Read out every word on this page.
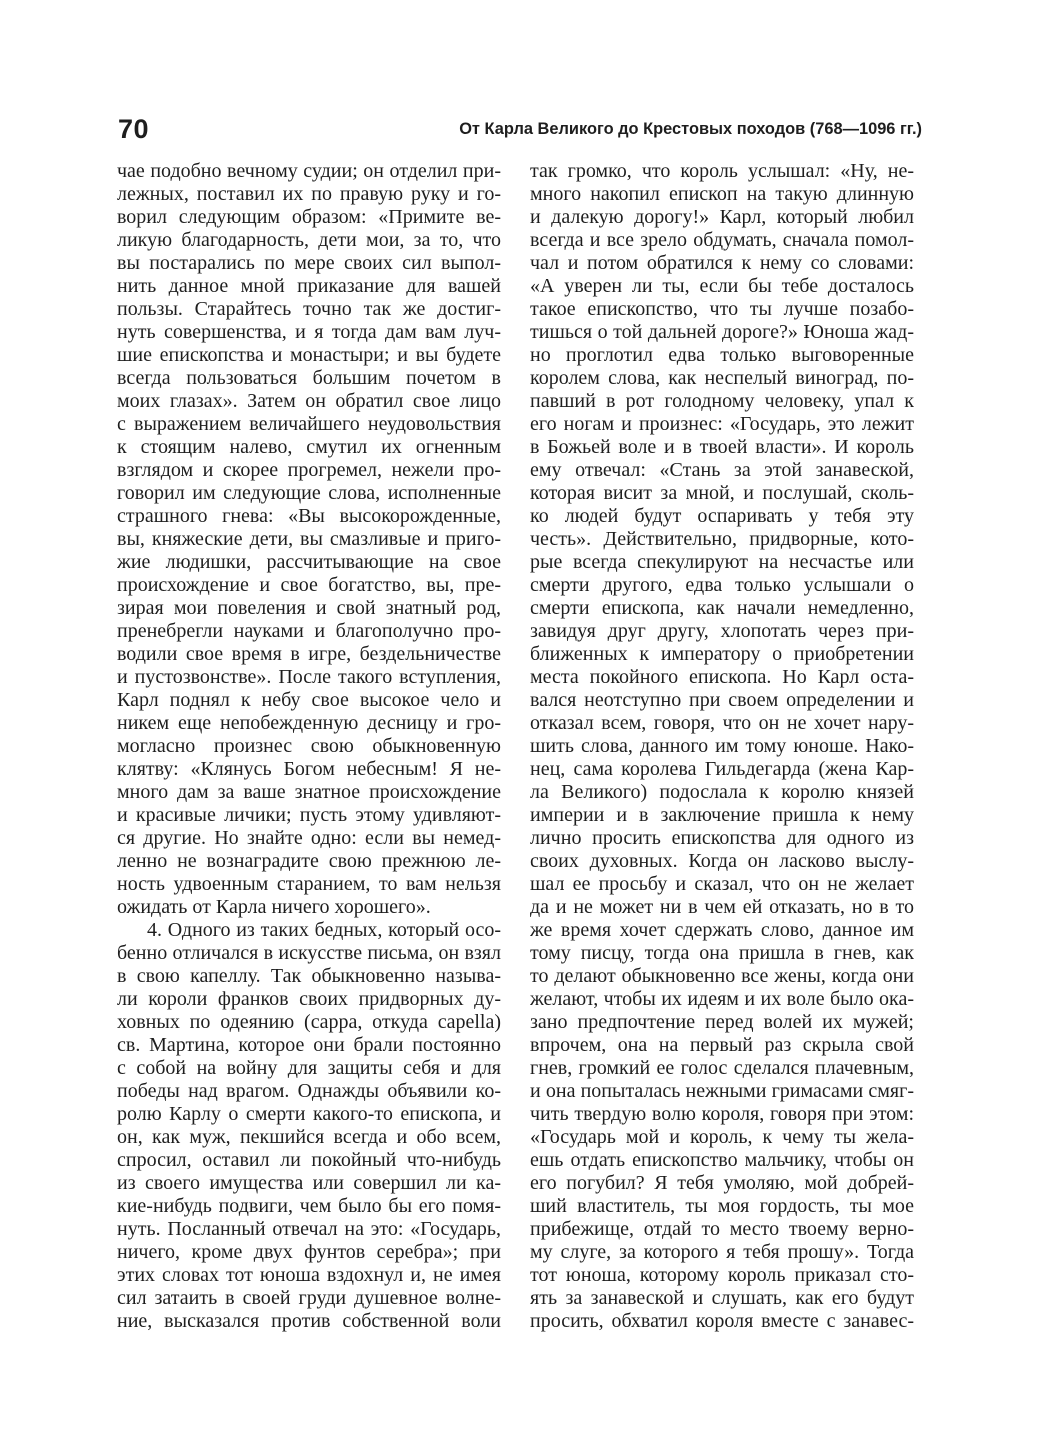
70	От Карла Великого до Крестовых походов (768—1096 гг.)
чае подобно вечному судии; он отделил при-
лежных, поставил их по правую руку и го-
ворил следующим образом: «Примите ве-
ликую благодарность, дети мои, за то, что
вы постарались по мере своих сил выпол-
нить данное мной приказание для вашей
пользы. Старайтесь точно так же достиг-
нуть совершенства, и я тогда дам вам луч-
шие епископства и монастыри; и вы будете
всегда пользоваться большим почетом в
моих глазах». Затем он обратил свое лицо
с выражением величайшего неудовольствия
к стоящим налево, смутил их огненным
взглядом и скорее прогремел, нежели про-
говорил им следующие слова, исполненные
страшного гнева: «Вы высокорожденные,
вы, княжеские дети, вы смазливые и приго-
жие людишки, рассчитывающие на свое
происхождение и свое богатство, вы, пре-
зирая мои повеления и свой знатный род,
пренебрегли науками и благополучно про-
водили свое время в игре, бездельничестве
и пустозвонстве». После такого вступления,
Карл поднял к небу свое высокое чело и
никем еще непобежденную десницу и гро-
могласно произнес свою обыкновенную
клятву: «Клянусь Богом небесным! Я не-
много дам за ваше знатное происхождение
и красивые личики; пусть этому удивляют-
ся другие. Но знайте одно: если вы немед-
ленно не вознаградите свою прежнюю ле-
ность удвоенным старанием, то вам нельзя
ожидать от Карла ничего хорошего».
4. Одного из таких бедных, который осо-
бенно отличался в искусстве письма, он взял
в свою капеллу. Так обыкновенно называ-
ли короли франков своих придворных ду-
ховных по одеянию (cappa, откуда capella)
св. Мартина, которое они брали постоянно
с собой на войну для защиты себя и для
победы над врагом. Однажды объявили ко-
ролю Карлу о смерти какого-то епископа, и
он, как муж, пекшийся всегда и обо всем,
спросил, оставил ли покойный что-нибудь
из своего имущества или совершил ли ка-
кие-нибудь подвиги, чем было бы его помя-
нуть. Посланный отвечал на это: «Государь,
ничего, кроме двух фунтов серебра»; при
этих словах тот юноша вздохнул и, не имея
сил затаить в своей груди душевное волне-
ние, высказался против собственной воли
так громко, что король услышал: «Ну, не-
много накопил епископ на такую длинную
и далекую дорогу!» Карл, который любил
всегда и все зрело обдумать, сначала помол-
чал и потом обратился к нему со словами:
«А уверен ли ты, если бы тебе досталось
такое епископство, что ты лучше позабо-
тишься о той дальней дороге?» Юноша жад-
но проглотил едва только выговоренные
королем слова, как неспелый виноград, по-
павший в рот голодному человеку, упал к
его ногам и произнес: «Государь, это лежит
в Божьей воле и в твоей власти». И король
ему отвечал: «Стань за этой занавеской,
которая висит за мной, и послушай, сколь-
ко людей будут оспаривать у тебя эту
честь». Действительно, придворные, кото-
рые всегда спекулируют на несчастье или
смерти другого, едва только услышали о
смерти епископа, как начали немедленно,
завидуя друг другу, хлопотать через при-
ближенных к императору о приобретении
места покойного епископа. Но Карл оста-
вался неотступно при своем определении и
отказал всем, говоря, что он не хочет нару-
шить слова, данного им тому юноше. Нако-
нец, сама королева Гильдегарда (жена Кар-
ла Великого) подослала к королю князей
империи и в заключение пришла к нему
лично просить епископства для одного из
своих духовных. Когда он ласково выслу-
шал ее просьбу и сказал, что он не желает
да и не может ни в чем ей отказать, но в то
же время хочет сдержать слово, данное им
тому писцу, тогда она пришла в гнев, как
то делают обыкновенно все жены, когда они
желают, чтобы их идеям и их воле было ока-
зано предпочтение перед волей их мужей;
впрочем, она на первый раз скрыла свой
гнев, громкий ее голос сделался плачевным,
и она попыталась нежными гримасами смяг-
чить твердую волю короля, говоря при этом:
«Государь мой и король, к чему ты жела-
ешь отдать епископство мальчику, чтобы он
его погубил? Я тебя умоляю, мой добрей-
ший властитель, ты моя гордость, ты мое
прибежище, отдай то место твоему верно-
му слуге, за которого я тебя прошу». Тогда
тот юноша, которому король приказал сто-
ять за занавеской и слушать, как его будут
просить, обхватил короля вместе с занавес-
